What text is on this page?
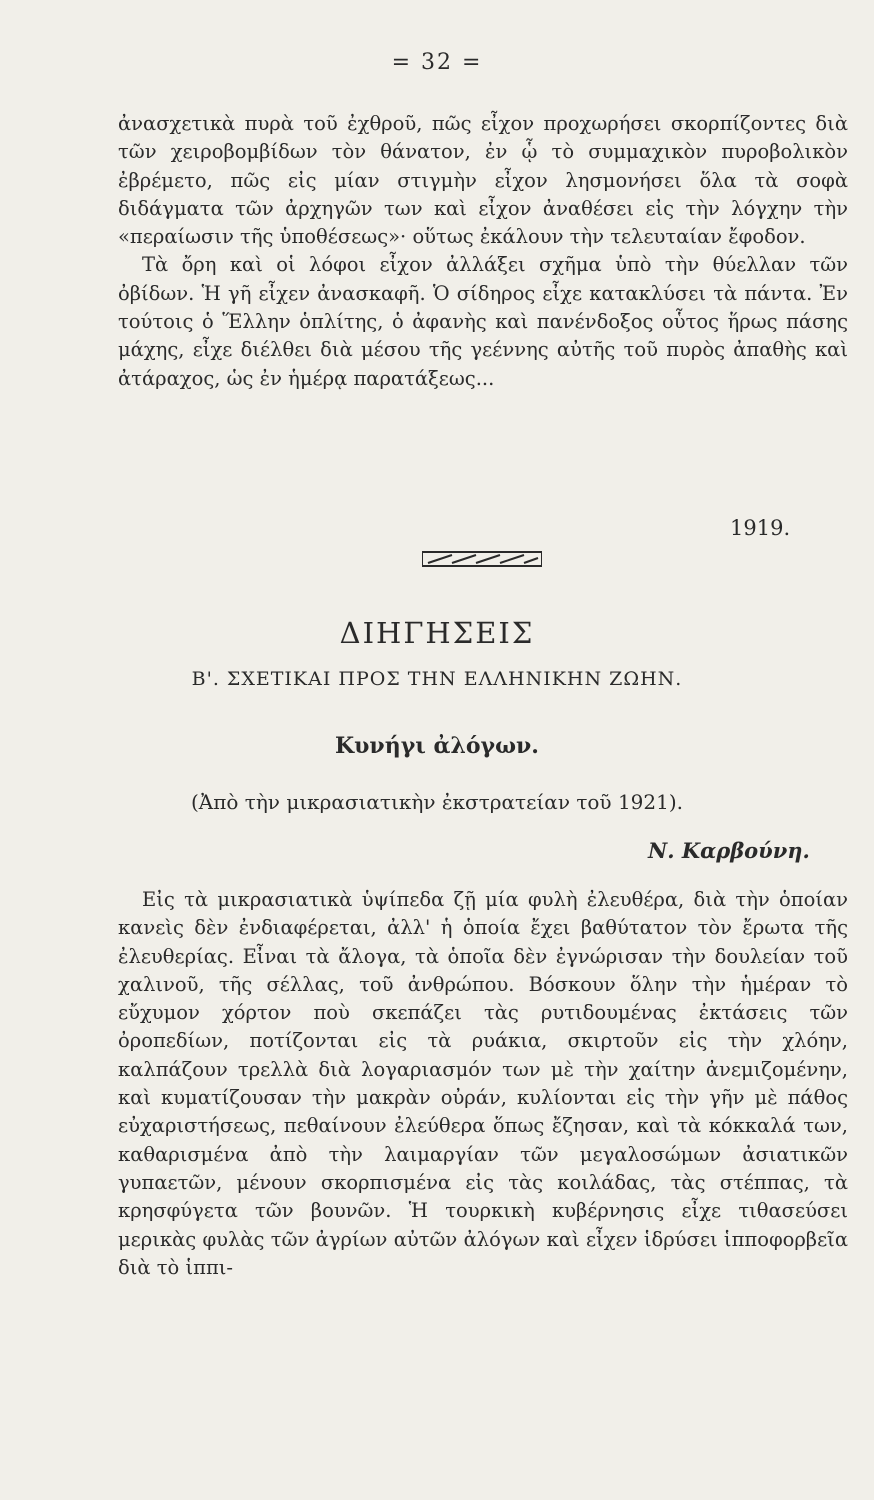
= 32 =

ἀνασχετικὰ πυρὰ τοῦ ἐχθροῦ, πῶς εἶχον προχωρήσει σκορπίζοντες διὰ τῶν χειροβομβίδων τὸν θάνατον, ἐν ᾧ τὸ συμμαχικὸν πυροβολικὸν ἐβρέμετο, πῶς εἰς μίαν στιγμὴν εἶχον λησμονήσει ὅλα τὰ σοφὰ διδάγματα τῶν ἀρχηγῶν των καὶ εἶχον ἀναθέσει εἰς τὴν λόγχην τὴν «περαίωσιν τῆς ὑποθέσεως»· οὕτως ἐκάλουν τὴν τελευταίαν ἔφοδον.

Τὰ ὄρη καὶ οἱ λόφοι εἶχον ἀλλάξει σχῆμα ὑπὸ τὴν θύελλαν τῶν ὀβίδων. Ἡ γῆ εἶχεν ἀνασκαφῆ. Ὁ σίδηρος εἶχε κατακλύσει τὰ πάντα. Ἐν τούτοις ὁ Ἕλλην ὁπλίτης, ὁ ἀφανὴς καὶ πανένδοξος οὗτος ἥρως πάσης μάχης, εἶχε διέλθει διὰ μέσου τῆς γεέννης αὐτῆς τοῦ πυρὸς ἀπαθὴς καὶ ἀτάραχος, ὡς ἐν ἡμέρᾳ παρατάξεως...

1919.
ΔΙΗΓΗΣΕΙΣ
Β'. ΣΧΕΤΙΚΑΙ ΠΡΟΣ ΤΗΝ ΕΛΛΗΝΙΚΗΝ ΖΩΗΝ.
Κυνήγι ἀλόγων.
(Ἀπὸ τὴν μικρασιατικὴν ἐκστρατείαν τοῦ 1921).
Ν. Καρβούνη.

Εἰς τὰ μικρασιατικὰ ὑψίπεδα ζῇ μία φυλὴ ἐλευθέρα, διὰ τὴν ὁποίαν κανεὶς δὲν ἐνδιαφέρεται, ἀλλ' ἡ ὁποία ἔχει βαθύτατον τὸν ἔρωτα τῆς ἐλευθερίας. Εἶναι τὰ ἄλογα, τὰ ὁποῖα δὲν ἐγνώρισαν τὴν δουλείαν τοῦ χαλινοῦ, τῆς σέλλας, τοῦ ἀνθρώπου. Βόσκουν ὅλην τὴν ἡμέραν τὸ εὔχυμον χόρτον ποὺ σκεπάζει τὰς ρυτιδουμένας ἐκτάσεις τῶν ὀροπεδίων, ποτίζονται εἰς τὰ ρυάκια, σκιρτοῦν εἰς τὴν χλόην, καλπάζουν τρελλὰ διὰ λογαριασμόν των μὲ τὴν χαίτην ἀνεμιζομένην, καὶ κυματίζουσαν τὴν μακρὰν οὐράν, κυλίονται εἰς τὴν γῆν μὲ πάθος εὐχαριστήσεως, πεθαίνουν ἐλεύθερα ὅπως ἔζησαν, καὶ τὰ κόκκαλά των, καθαρισμένα ἀπὸ τὴν λαιμαργίαν τῶν μεγαλοσώμων ἀσιατικῶν γυπαετῶν, μένουν σκορπισμένα εἰς τὰς κοιλάδας, τὰς στέππας, τὰ κρησφύγετα τῶν βουνῶν. Ἡ τουρκικὴ κυβέρνησις εἶχε τιθασεύσει μερικὰς φυλὰς τῶν ἀγρίων αὐτῶν ἀλόγων καὶ εἶχεν ἱδρύσει ἱπποφορβεῖα διὰ τὸ ἱππι-
